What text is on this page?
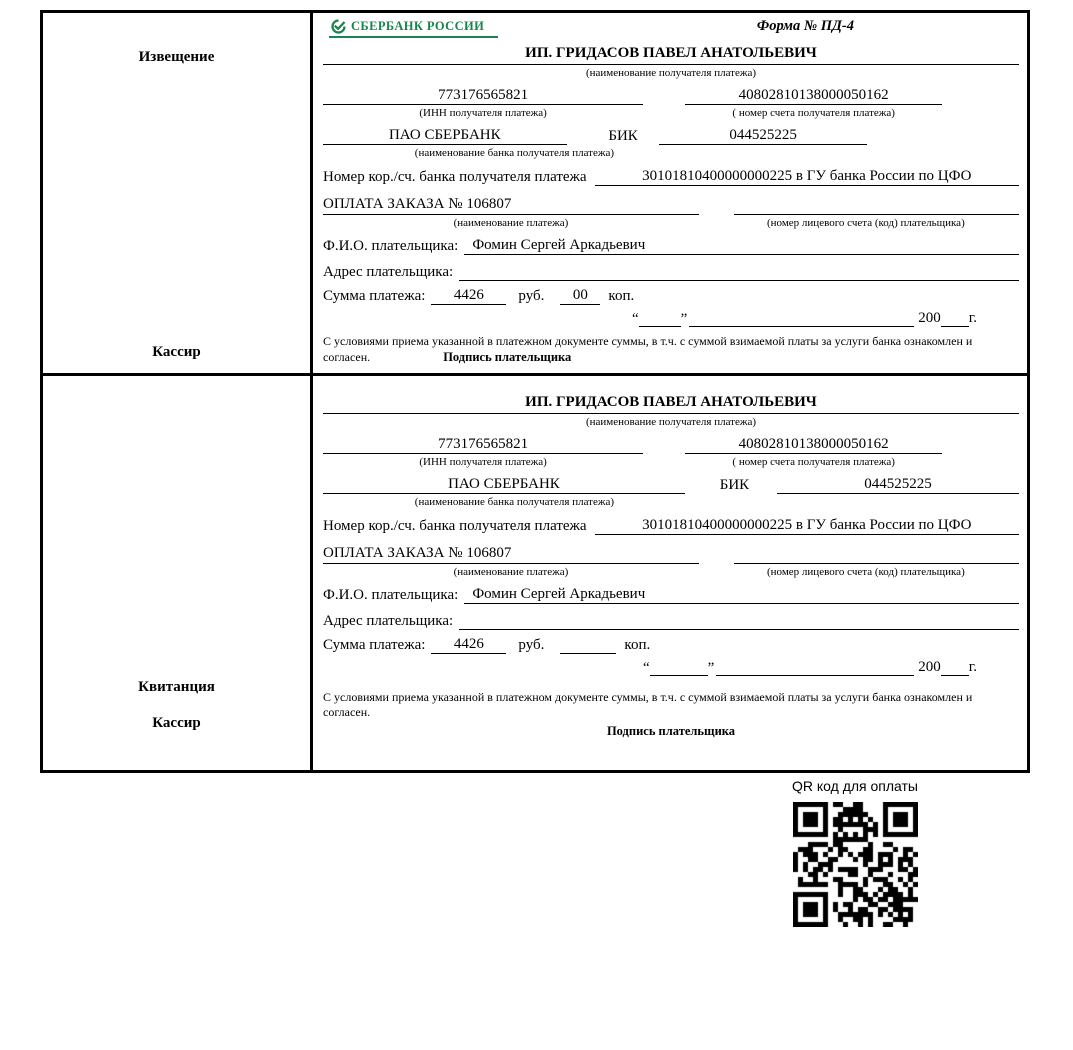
Извещение
Кассир
СБЕРБАНК РОССИИ	Форма № ПД-4
ИП. ГРИДАСОВ ПАВЕЛ АНАТОЛЬЕВИЧ
(наименование получателя платежа)
773176565821	40802810138000050162
(ИНН получателя платежа)	( номер счета получателя платежа)
ПАО СБЕРБАНК	БИК	044525225
(наименование банка получателя платежа)
Номер кор./сч. банка получателя платежа	30101810400000000225 в ГУ банка России по ЦФО
ОПЛАТА ЗАКАЗА № 106807
(наименование платежа)	(номер лицевого счета (код) плательщика)
Ф.И.О. плательщика: Фомин Сергей Аркадьевич
Адрес плательщика:
Сумма платежа:	4426	руб.	00	коп.
“	”	200 г.
С условиями приема указанной в платежном документе суммы, в т.ч. с суммой взимаемой платы за услуги банка ознакомлен и согласен.	Подпись плательщика
Квитанция
Кассир
ИП. ГРИДАСОВ ПАВЕЛ АНАТОЛЬЕВИЧ
(наименование получателя платежа)
773176565821	40802810138000050162
(ИНН получателя платежа)	( номер счета получателя платежа)
ПАО СБЕРБАНК	БИК	044525225
(наименование банка получателя платежа)
Номер кор./сч. банка получателя платежа	30101810400000000225 в ГУ банка России по ЦФО
ОПЛАТА ЗАКАЗА № 106807
(наименование платежа)	(номер лицевого счета (код) плательщика)
Ф.И.О. плательщика: Фомин Сергей Аркадьевич
Адрес плательщика:
Сумма платежа:	4426	руб.	коп.
“	”	200 г.
С условиями приема указанной в платежном документе суммы, в т.ч. с суммой взимаемой платы за услуги банка ознакомлен и согласен.
Подпись плательщика
QR код для оплаты
